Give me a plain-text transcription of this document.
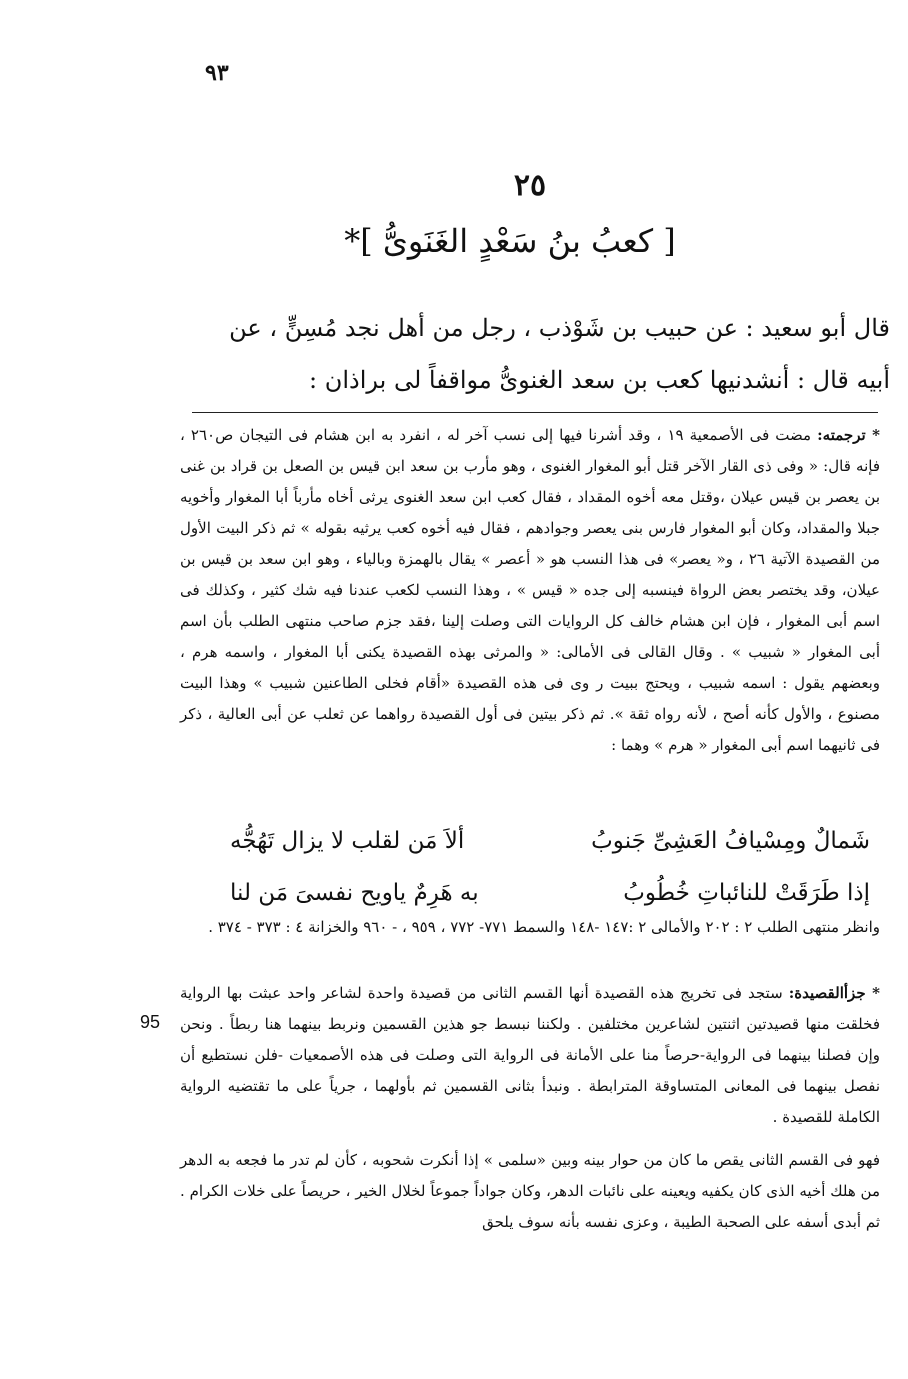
٩٣
٢٥
[ كعبُ بنُ سَعْدٍ الغَنَوىُّ ]*
قال أبو سعيد : عن حبيب بن شَوْذب ، رجل من أهل نجد مُسِنٍّ ، عن
أبيه قال : أنشدنيها كعب بن سعد الغنوىُّ مواقفاً لى براذان :
* ترجمته: مضت فى الأصمعية ١٩ ، وقد أشرنا فيها إلى نسب آخر له ، انفرد به ابن هشام فى التيجان ص٢٦٠ ، فإنه قال: « وفى ذى القار الآخر قتل أبو المغوار الغنوى ، وهو مأرب بن سعد ابن قيس بن الصعل بن قراد بن غنى بن يعصر بن قيس عيلان ،وقتل معه أخوه المقداد ، فقال كعب ابن سعد الغنوى يرثى أخاه مأرباً أبا المغوار وأخويه جبلا والمقداد، وكان أبو المغوار فارس بنى يعصر وجوادهم ، فقال فيه أخوه كعب يرثيه بقوله » ثم ذكر البيت الأول من القصيدة الآتية ٢٦ ، و« يعصر» فى هذا النسب هو « أعصر » يقال بالهمزة وبالياء ، وهو ابن سعد بن قيس بن عيلان، وقد يختصر بعض الرواة فينسبه إلى جده « قيس » ، وهذا النسب لكعب عندنا فيه شك كثير ، وكذلك فى اسم أبى المغوار ، فإن ابن هشام خالف كل الروايات التى وصلت إلينا ،فقد جزم صاحب منتهى الطلب بأن اسم أبى المغوار « شبيب » . وقال القالى فى الأمالى: « والمرثى بهذه القصيدة يكنى أبا المغوار ، واسمه هرم ، وبعضهم يقول : اسمه شبيب ، ويحتج ببيت ر وى فى هذه القصيدة «أقام فخلى الطاعنين شبيب » وهذا البيت مصنوع ، والأول كأنه أصح ، لأنه رواه ثقة ». ثم ذكر بيتين فى أول القصيدة رواهما عن ثعلب عن أبى العالية ، ذكر فى ثانيهما اسم أبى المغوار « هرم » وهما :
ألاَ مَن لقلب لا يزال تَهُجُّه	شَمالٌ ومِسْيافُ العَشِىِّ جَنوبُ
به هَرِمٌ ياويح نفسىَ مَن لنا	إذا طَرَقَتْ للنائباتِ خُطُوبُ
وانظر منتهى الطلب ٢ : ٢٠٢ والأمالى ٢ :١٤٧ -١٤٨ والسمط ٧٧١- ٧٧٢ ، ٩٥٩ ، - ٩٦٠ والخزانة ٤ : ٣٧٣ - ٣٧٤ .
95
* جزأالقصيدة: ستجد فى تخريج هذه القصيدة أنها القسم الثانى من قصيدة واحدة لشاعر واحد عبثت بها الرواية فخلقت منها قصيدتين اثنتين لشاعرين مختلفين . ولكننا نبسط جو هذين القسمين ونربط بينهما هنا ربطاً . ونحن وإن فصلنا بينهما فى الرواية-حرصاً منا على الأمانة فى الرواية التى وصلت فى هذه الأصمعيات -فلن نستطيع أن نفصل بينهما فى المعانى المتساوقة المترابطة . ونبدأ بثانى القسمين ثم بأولهما ، جرياً على ما تقتضيه الرواية الكاملة للقصيدة .
فهو فى القسم الثانى يقص ما كان من حوار بينه وبين «سلمى » إذا أنكرت شحوبه ، كأن لم تدر ما فجعه به الدهر من هلك أخيه الذى كان يكفيه ويعينه على نائبات الدهر، وكان جواداً جموعاً لخلال الخير ، حريصاً على خلات الكرام . ثم أبدى أسفه على الصحبة الطيبة ، وعزى نفسه بأنه سوف يلحق
